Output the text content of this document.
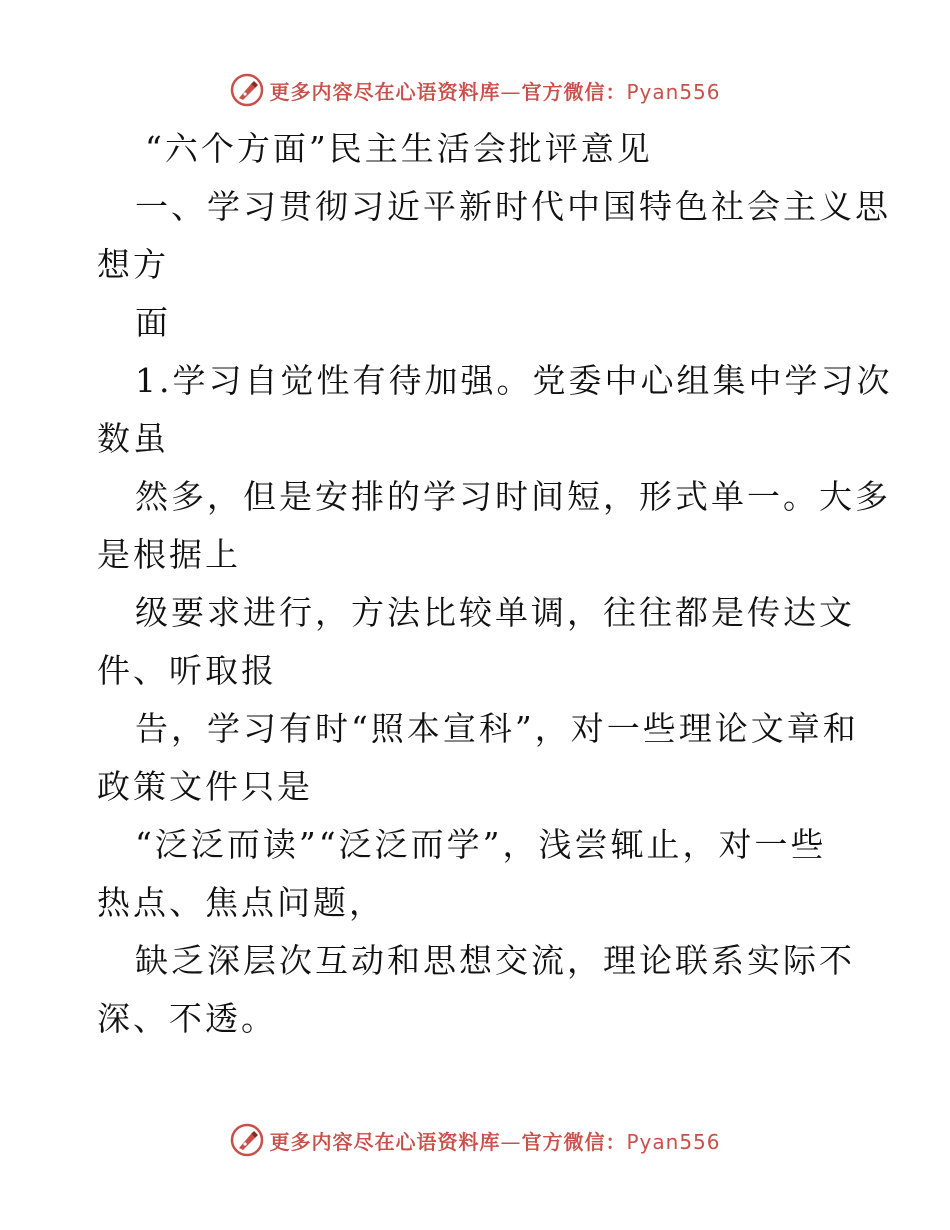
更多内容尽在心语资料库—官方微信：Pyan556
“六个方面”民主生活会批评意见
一、学习贯彻习近平新时代中国特色社会主义思
想方
面
1.学习自觉性有待加强。党委中心组集中学习次
数虽
然多，但是安排的学习时间短，形式单一。大多
是根据上
级要求进行，方法比较单调，往往都是传达文
件、听取报
告，学习有时“照本宣科”，对一些理论文章和
政策文件只是
“泛泛而读”“泛泛而学”，浅尝辄止，对一些
热点、焦点问题，
缺乏深层次互动和思想交流，理论联系实际不
深、不透。
更多内容尽在心语资料库—官方微信：Pyan556
